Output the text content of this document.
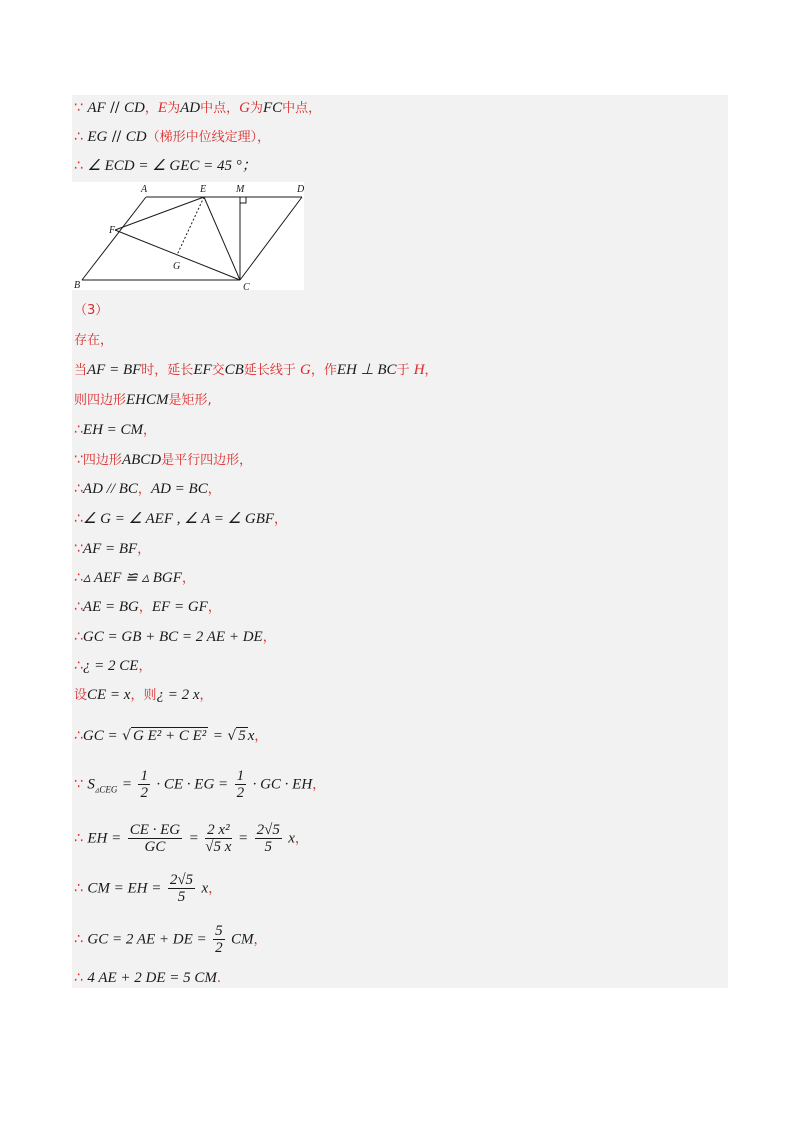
∵ AF // CD，E为AD中点，G为FC中点，
∴ EG // CD（梯形中位线定理），
∴ ∠ ECD = ∠ GEC = 45 °；
A	E	M	D
F
G
B	C
（3）
存在，
当AF = BF时，延长EF交CB延长线于 G，作EH ⊥ BC于 H，
则四边形EHCM是矩形,
∴EH = CM，
∵四边形ABCD是平行四边形，
∴AD // BC，AD = BC，
∴∠ G = ∠ AEF , ∠ A = ∠ GBF，
∵AF = BF，
∴▵ AEF ≌ ▵ BGF，
∴AE = BG，EF = GF，
∴GC = GB + BC = 2 AE + DE，
∴¿ = 2 CE，
设CE = x，则¿ = 2 x，
∴GC = √ G E² + C E² = √ 5 x，
∵ $S_{▵CEG} = \frac{1}{2}$ · CE · EG = $\frac{1}{2}$ · GC · EH，
∴ EH = $\frac{CE \cdot EG}{GC} = \frac{\text{2 x²}}{√5 x} = \frac{2√5}{5}$ x，
∴ CM = EH = $\frac{2√5}{5}$ x，
∴ GC = 2 AE + DE = $\frac{5}{2}$ CM，
∴ 4 AE + 2 DE = 5 CM.
